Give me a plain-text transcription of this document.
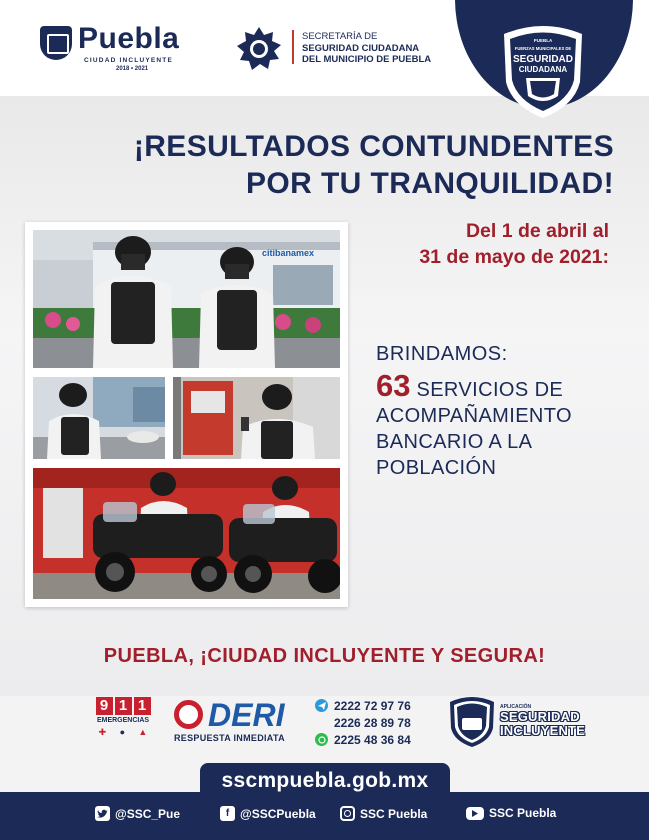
Puebla
CIUDAD INCLUYENTE
2018 • 2021
SECRETARÍA DE
SEGURIDAD CIUDADANA
DEL MUNICIPIO DE PUEBLA
PUEBLA
FUERZAS MUNICIPALES DE
SEGURIDAD
CIUDADANA
¡RESULTADOS CONTUNDENTES
POR TU TRANQUILIDAD!
Del 1 de abril al
31 de mayo de 2021:
BRINDAMOS:
63 SERVICIOS DE
ACOMPAÑAMIENTO
BANCARIO A LA
POBLACIÓN
citibanamex
PUEBLA, ¡CIUDAD INCLUYENTE Y SEGURA!
9 1 1
EMERGENCIAS
✚ ● ▲ DERI
RESPUESTA INMEDIATA
2222 72 97 76
2226 28 89 78
2225 48 36 84
APLICACIÓN
SEGURIDAD
INCLUYENTE
sscmpuebla.gob.mx
@SSC_Pue	f @SSCPuebla	SSC Puebla	SSC Puebla
